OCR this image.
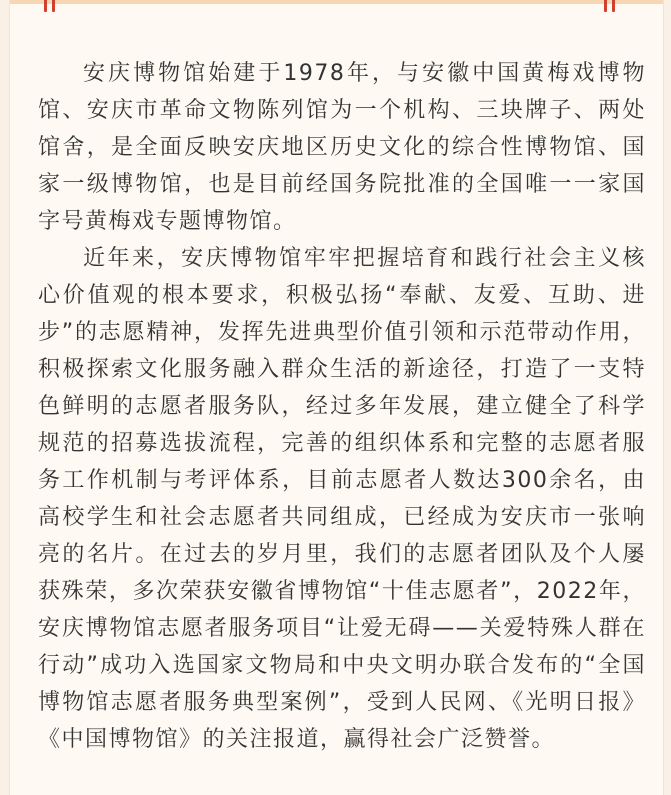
安庆博物馆始建于1978年，与安徽中国黄梅戏博物馆、安庆市革命文物陈列馆为一个机构、三块牌子、两处馆舍，是全面反映安庆地区历史文化的综合性博物馆、国家一级博物馆，也是目前经国务院批准的全国唯一一家国字号黄梅戏专题博物馆。

近年来，安庆博物馆牢牢把握培育和践行社会主义核心价值观的根本要求，积极弘扬“奉献、友爱、互助、进步”的志愿精神，发挥先进典型价值引领和示范带动作用，积极探索文化服务融入群众生活的新途径，打造了一支特色鲜明的志愿者服务队，经过多年发展，建立健全了科学规范的招募选拔流程，完善的组织体系和完整的志愿者服务工作机制与考评体系，目前志愿者人数达300余名，由高校学生和社会志愿者共同组成，已经成为安庆市一张响亮的名片。在过去的岁月里，我们的志愿者团队及个人屡获殊荣，多次荣获安徽省博物馆“十佳志愿者”，2022年，安庆博物馆志愿者服务项目“让爱无碍——关爱特殊人群在行动”成功入选国家文物局和中央文明办联合发布的“全国博物馆志愿者服务典型案例”，受到人民网、《光明日报》《中国博物馆》的关注报道，赢得社会广泛赞誉。
